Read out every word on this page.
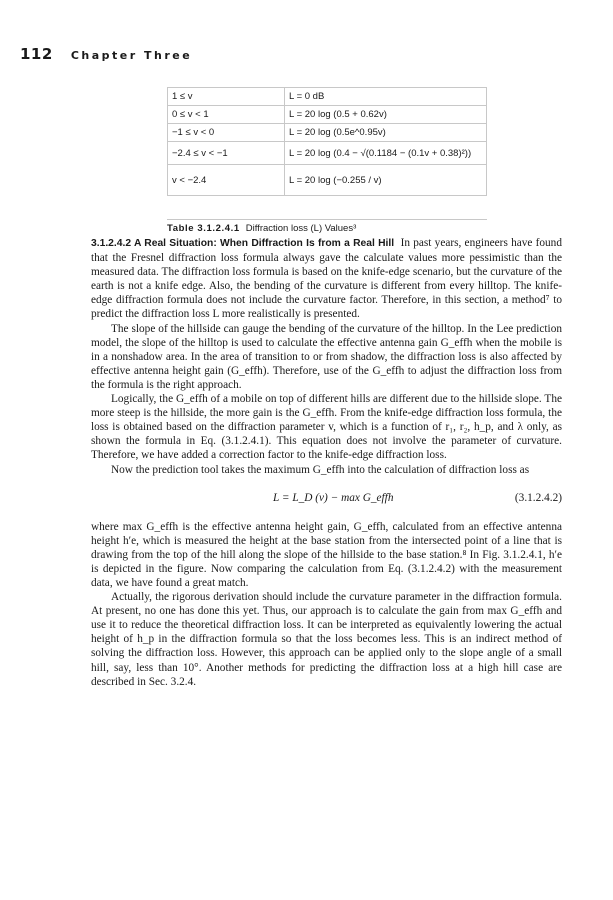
112 Chapter Three
1 ≤ v	L = 0 dB
0 ≤ v < 1	L = 20 log (0.5 + 0.62v)
−1 ≤ v < 0	L = 20 log (0.5e^0.95v)
−2.4 ≤ v < −1	L = 20 log (0.4 − √(0.1184 − (0.1v + 0.38)²))
v < −2.4	L = 20 log (−0.255 / v)
Table 3.1.2.4.1 Diffraction loss (L) Values³

3.1.2.4.2 A Real Situation: When Diffraction Is from a Real Hill In past years, engineers have found that the Fresnel diffraction loss formula always gave the calculate values more pessimistic than the measured data. The diffraction loss formula is based on the knife-edge scenario, but the curvature of the earth is not a knife edge. Also, the bending of the curvature is different from every hilltop. The knife-edge diffraction formula does not include the curvature factor. Therefore, in this section, a method⁷ to predict the diffraction loss L more realistically is presented.

The slope of the hillside can gauge the bending of the curvature of the hilltop. In the Lee prediction model, the slope of the hilltop is used to calculate the effective antenna gain G_effh when the mobile is in a nonshadow area. In the area of transition to or from shadow, the diffraction loss is also affected by effective antenna height gain (G_effh). Therefore, use of the G_effh to adjust the diffraction loss from the formula is the right approach.

Logically, the G_effh of a mobile on top of different hills are different due to the hillside slope. The more steep is the hillside, the more gain is the G_effh. From the knife-edge diffraction loss formula, the loss is obtained based on the diffraction parameter v, which is a function of r₁, r₂, h_p, and λ only, as shown the formula in Eq. (3.1.2.4.1). This equation does not involve the parameter of curvature. Therefore, we have added a correction factor to the knife-edge diffraction loss.

Now the prediction tool takes the maximum G_effh into the calculation of diffraction loss as

L = L_D (v) − max G_effh	(3.1.2.4.2)

where max G_effh is the effective antenna height gain, G_effh, calculated from an effective antenna height h′e, which is measured the height at the base station from the intersected point of a line that is drawing from the top of the hill along the slope of the hillside to the base station.⁸ In Fig. 3.1.2.4.1, h′e is depicted in the figure. Now comparing the calculation from Eq. (3.1.2.4.2) with the measurement data, we have found a great match.

Actually, the rigorous derivation should include the curvature parameter in the diffraction formula. At present, no one has done this yet. Thus, our approach is to calculate the gain from max G_effh and use it to reduce the theoretical diffraction loss. It can be interpreted as equivalently lowering the actual height of h_p in the diffraction formula so that the loss becomes less. This is an indirect method of solving the diffraction loss. However, this approach can be applied only to the slope angle of a small hill, say, less than 10°. Another methods for predicting the diffraction loss at a high hill case are described in Sec. 3.2.4.
